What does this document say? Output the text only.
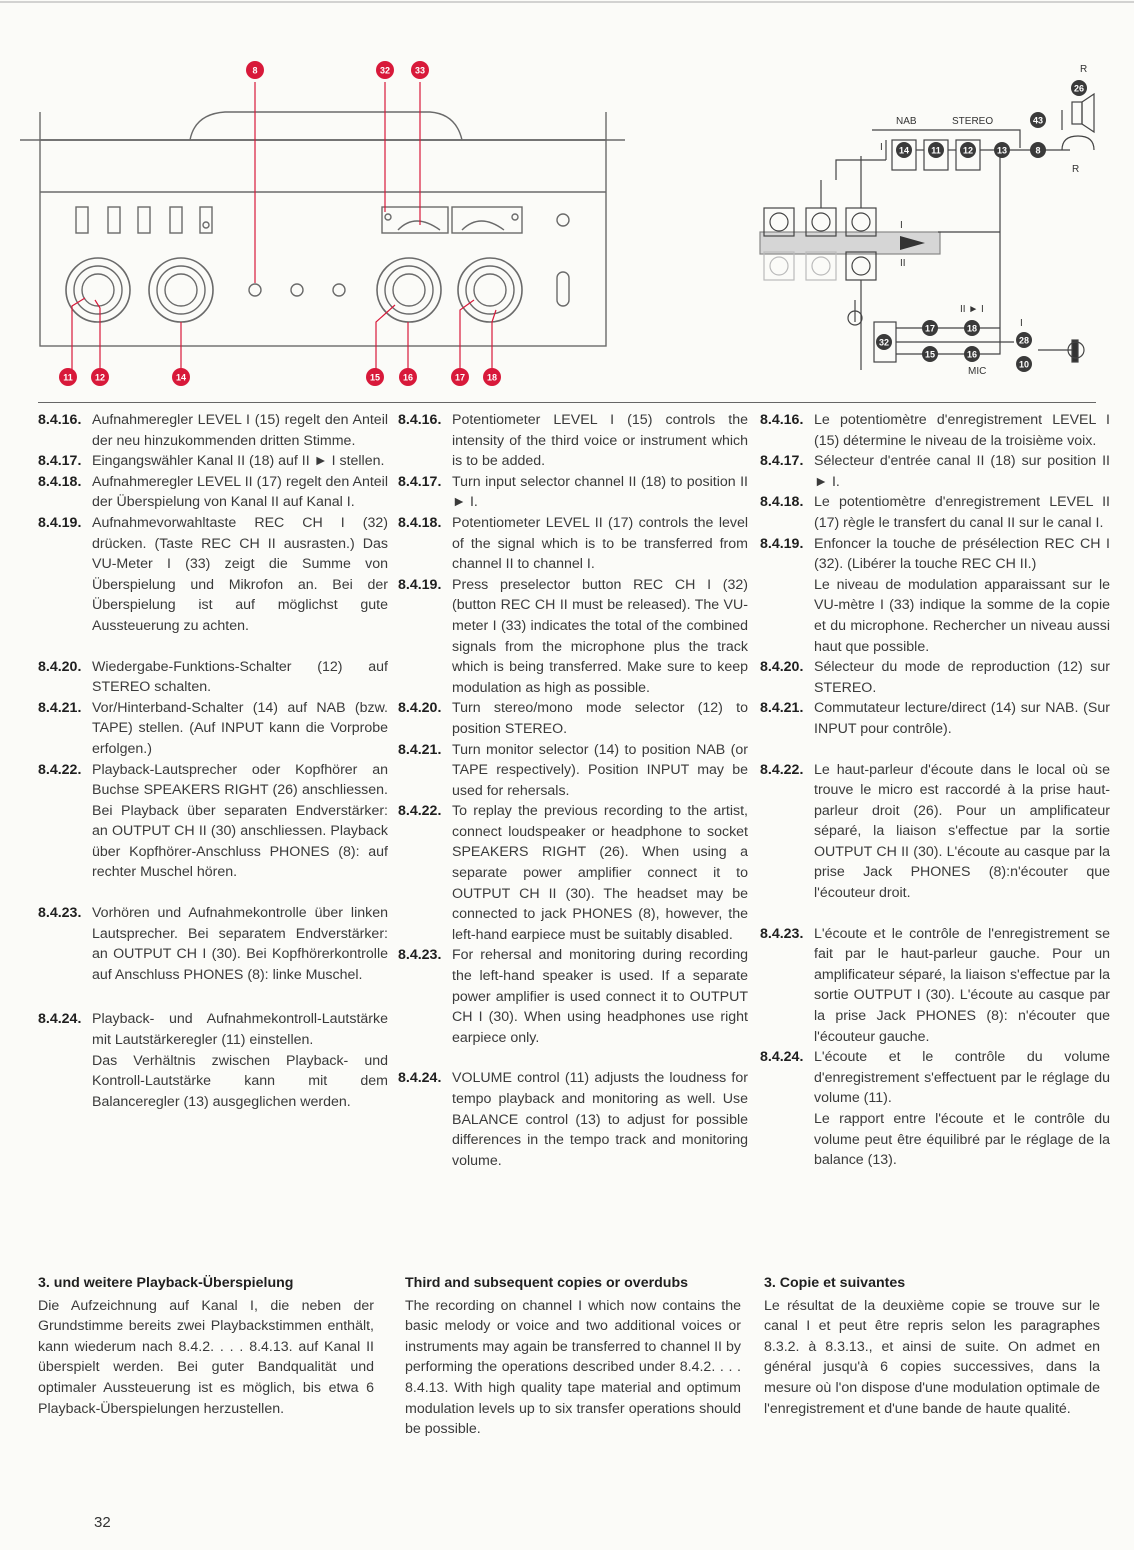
8	32	33
11 12	14	15	16	17 18
NAB	STEREO
R
R
I
I
II
II ► I
I
MIC
26
43
14 11 12	13	8
17	18
32
15	16
28
10
8.4.16. Aufnahmeregler LEVEL I (15) regelt den Anteil der neu hinzukommenden dritten Stimme.

8.4.17. Eingangswähler Kanal II (18) auf II ► I stellen.

8.4.18. Aufnahmeregler LEVEL II (17) regelt den Anteil der Überspielung von Kanal II auf Kanal I.

8.4.19. Aufnahmevorwahltaste REC CH I (32) drücken. (Taste REC CH II ausrasten.) Das VU-Meter I (33) zeigt die Summe von Überspielung und Mikrofon an. Bei der Überspielung ist auf möglichst gute Aussteuerung zu achten.

8.4.20. Wiedergabe-Funktions-Schalter (12) auf STEREO schalten.

8.4.21. Vor/Hinterband-Schalter (14) auf NAB (bzw. TAPE) stellen. (Auf INPUT kann die Vorprobe erfolgen.)

8.4.22. Playback-Lautsprecher oder Kopfhörer an Buchse SPEAKERS RIGHT (26) anschliessen. Bei Playback über separaten Endverstärker: an OUTPUT CH II (30) anschliessen. Playback über Kopfhörer-Anschluss PHONES (8): auf rechter Muschel hören.

8.4.23. Vorhören und Aufnahmekontrolle über linken Lautsprecher. Bei separatem Endverstärker: an OUTPUT CH I (30). Bei Kopfhörerkontrolle auf Anschluss PHONES (8): linke Muschel.

8.4.24. Playback- und Aufnahmekontroll-Lautstärke mit Lautstärkeregler (11) einstellen.

Das Verhältnis zwischen Playback- und Kontroll-Lautstärke kann mit dem Balanceregler (13) ausgeglichen werden.

8.4.16. Potentiometer LEVEL I (15) controls the intensity of the third voice or instrument which is to be added.

8.4.17. Turn input selector channel II (18) to position II ► I.

8.4.18. Potentiometer LEVEL II (17) controls the level of the signal which is to be transferred from channel II to channel I.

8.4.19. Press preselector button REC CH I (32) (button REC CH II must be released). The VU-meter I (33) indicates the total of the combined signals from the microphone plus the track which is being transferred. Make sure to keep modulation as high as possible.

8.4.20. Turn stereo/mono mode selector (12) to position STEREO.

8.4.21. Turn monitor selector (14) to position NAB (or TAPE respectively). Position INPUT may be used for rehersals.

8.4.22. To replay the previous recording to the artist, connect loudspeaker or headphone to socket SPEAKERS RIGHT (26). When using a separate power amplifier connect it to OUTPUT CH II (30). The headset may be connected to jack PHONES (8), however, the left-hand earpiece must be suitably disabled.

8.4.23. For rehersal and monitoring during recording the left-hand speaker is used. If a separate power amplifier is used connect it to OUTPUT CH I (30). When using headphones use right earpiece only.

8.4.24. VOLUME control (11) adjusts the loudness for tempo playback and monitoring as well. Use BALANCE control (13) to adjust for possible differences in the tempo track and monitoring volume.

8.4.16. Le potentiomètre d'enregistrement LEVEL I (15) détermine le niveau de la troisième voix.

8.4.17. Sélecteur d'entrée canal II (18) sur position II ► I.

8.4.18. Le potentiomètre d'enregistrement LEVEL II (17) règle le transfert du canal II sur le canal I.

8.4.19. Enfoncer la touche de présélection REC CH I (32). (Libérer la touche REC CH II.)

Le niveau de modulation apparaissant sur le VU-mètre I (33) indique la somme de la copie et du microphone. Rechercher un niveau aussi haut que possible.

8.4.20. Sélecteur du mode de reproduction (12) sur STEREO.

8.4.21. Commutateur lecture/direct (14) sur NAB. (Sur INPUT pour contrôle).

8.4.22. Le haut-parleur d'écoute dans le local où se trouve le micro est raccordé à la prise haut-parleur droit (26). Pour un amplificateur séparé, la liaison s'effectue par la sortie OUTPUT CH II (30). L'écoute au casque par la prise Jack PHONES (8):n'écouter que l'écouteur droit.

8.4.23. L'écoute et le contrôle de l'enregistrement se fait par le haut-parleur gauche. Pour un amplificateur séparé, la liaison s'effectue par la sortie OUTPUT I (30). L'écoute au casque par la prise Jack PHONES (8): n'écouter que l'écouteur gauche.

8.4.24. L'écoute et le contrôle du volume d'enregistrement s'effectuent par le réglage du volume (11).

Le rapport entre l'écoute et le contrôle du volume peut être équilibré par le réglage de la balance (13).

3. und weitere Playback-Überspielung

Die Aufzeichnung auf Kanal I, die neben der Grundstimme bereits zwei Playbackstimmen enthält, kann wiederum nach 8.4.2. . . . 8.4.13. auf Kanal II überspielt werden. Bei guter Bandqualität und optimaler Aussteuerung ist es möglich, bis etwa 6 Playback-Überspielungen herzustellen.

Third and subsequent copies or overdubs

The recording on channel I which now contains the basic melody or voice and two additional voices or instruments may again be transferred to channel II by performing the operations described under 8.4.2. . . . 8.4.13. With high quality tape material and optimum modulation levels up to six transfer operations should be possible.

3. Copie et suivantes

Le résultat de la deuxième copie se trouve sur le canal I et peut être repris selon les paragraphes 8.3.2. à 8.3.13., et ainsi de suite. On admet en général jusqu'à 6 copies successives, dans la mesure où l'on dispose d'une modulation optimale de l'enregistrement et d'une bande de haute qualité.

32
